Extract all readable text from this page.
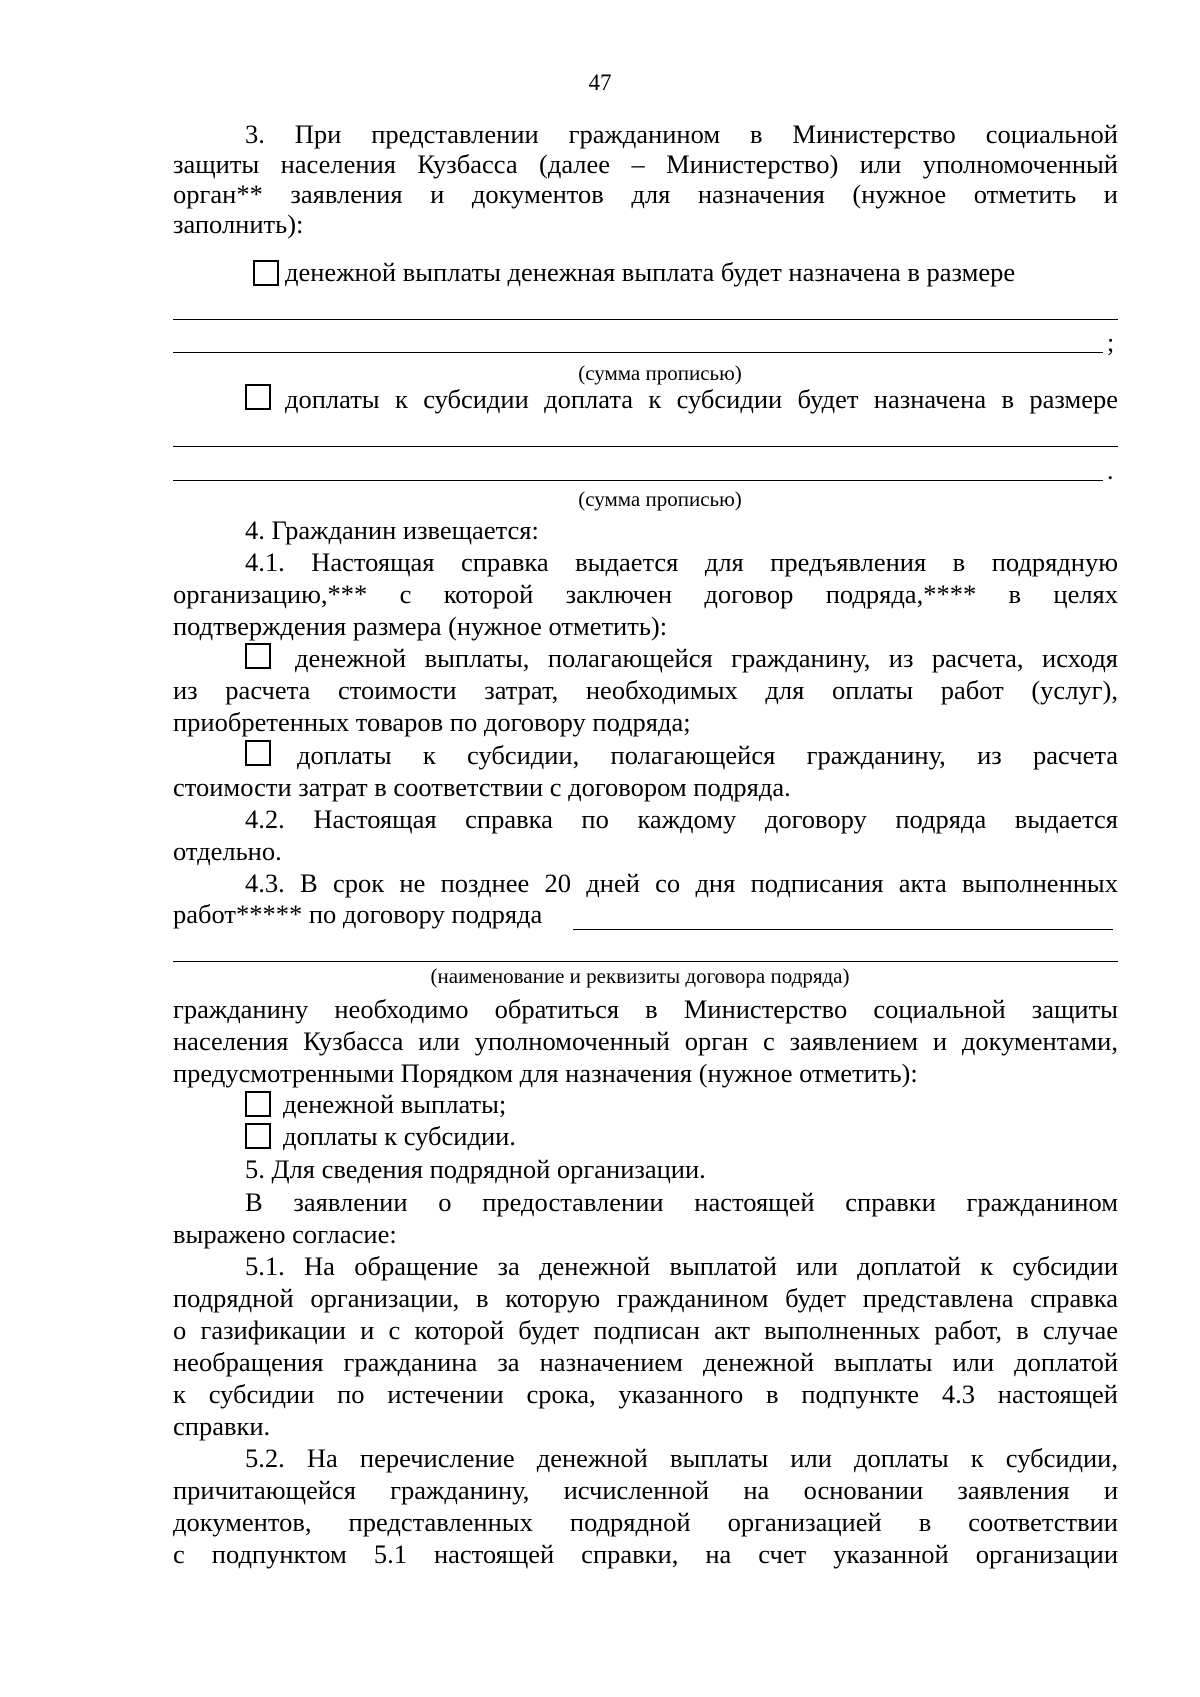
47
3. При представлении гражданином в Министерство социальной
защиты населения Кузбасса (далее – Министерство) или уполномоченный
орган** заявления и документов для назначения (нужное отметить и
заполнить):
денежной выплаты денежная выплата будет назначена в размере
;
(сумма прописью)
доплаты к субсидии доплата к субсидии будет назначена в размере
.
(сумма прописью)
4. Гражданин извещается:
4.1. Настоящая справка выдается для предъявления в подрядную
организацию,*** с которой заключен договор подряда,**** в целях
подтверждения размера (нужное отметить):
денежной выплаты, полагающейся гражданину, из расчета, исходя
из расчета стоимости затрат, необходимых для оплаты работ (услуг),
приобретенных товаров по договору подряда;
доплаты к субсидии, полагающейся гражданину, из расчета
стоимости затрат в соответствии с договором подряда.
4.2. Настоящая справка по каждому договору подряда выдается
отдельно.
4.3. В срок не позднее 20 дней со дня подписания акта выполненных
работ***** по договору подряда
(наименование и реквизиты договора подряда)
гражданину необходимо обратиться в Министерство социальной защиты
населения Кузбасса или уполномоченный орган с заявлением и документами,
предусмотренными Порядком для назначения (нужное отметить):
денежной выплаты;
доплаты к субсидии.
5. Для сведения подрядной организации.
В заявлении о предоставлении настоящей справки гражданином
выражено согласие:
5.1. На обращение за денежной выплатой или доплатой к субсидии
подрядной организации, в которую гражданином будет представлена справка
о газификации и с которой будет подписан акт выполненных работ, в случае
необращения гражданина за назначением денежной выплаты или доплатой
к субсидии по истечении срока, указанного в подпункте 4.3 настоящей
справки.
5.2. На перечисление денежной выплаты или доплаты к субсидии,
причитающейся гражданину, исчисленной на основании заявления и
документов, представленных подрядной организацией в соответствии
с подпунктом 5.1 настоящей справки, на счет указанной организации
